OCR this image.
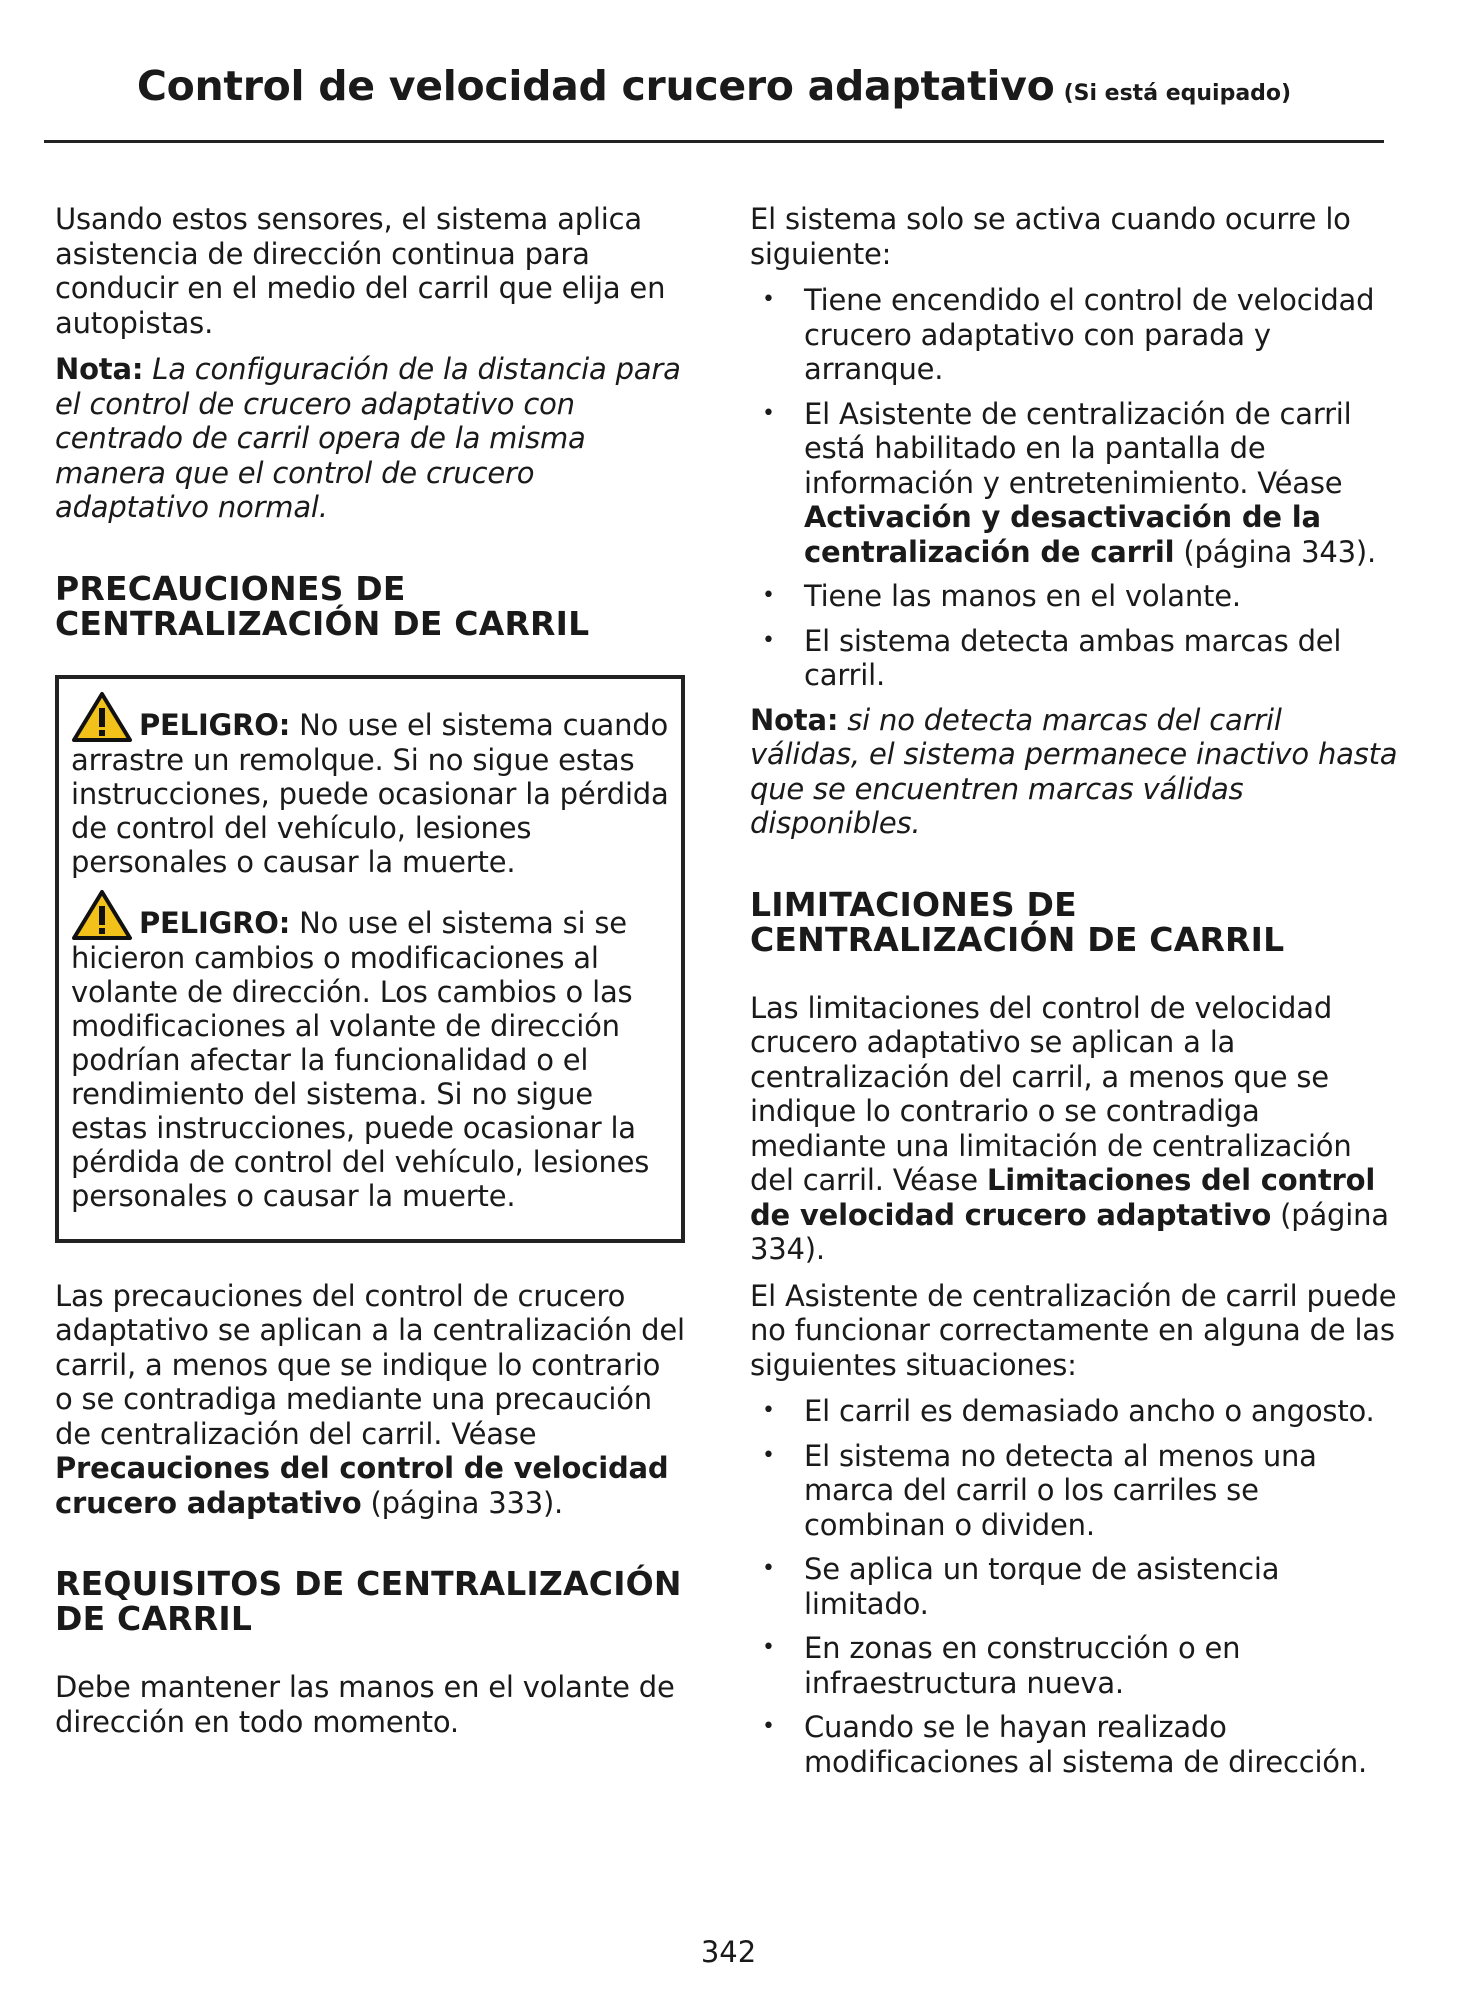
Control de velocidad crucero adaptativo (Si está equipado)

Usando estos sensores, el sistema aplica asistencia de dirección continua para conducir en el medio del carril que elija en autopistas.

Nota: La configuración de la distancia para el control de crucero adaptativo con centrado de carril opera de la misma manera que el control de crucero adaptativo normal.

PRECAUCIONES DE CENTRALIZACIÓN DE CARRIL

PELIGRO: No use el sistema cuando arrastre un remolque. Si no sigue estas instrucciones, puede ocasionar la pérdida de control del vehículo, lesiones personales o causar la muerte.

PELIGRO: No use el sistema si se hicieron cambios o modificaciones al volante de dirección. Los cambios o las modificaciones al volante de dirección podrían afectar la funcionalidad o el rendimiento del sistema. Si no sigue estas instrucciones, puede ocasionar la pérdida de control del vehículo, lesiones personales o causar la muerte.

Las precauciones del control de crucero adaptativo se aplican a la centralización del carril, a menos que se indique lo contrario o se contradiga mediante una precaución de centralización del carril. Véase Precauciones del control de velocidad crucero adaptativo (página 333).

REQUISITOS DE CENTRALIZACIÓN DE CARRIL

Debe mantener las manos en el volante de dirección en todo momento.

El sistema solo se activa cuando ocurre lo siguiente:

• Tiene encendido el control de velocidad crucero adaptativo con parada y arranque.
• El Asistente de centralización de carril está habilitado en la pantalla de información y entretenimiento. Véase Activación y desactivación de la centralización de carril (página 343).
• Tiene las manos en el volante.
• El sistema detecta ambas marcas del carril.

Nota: si no detecta marcas del carril válidas, el sistema permanece inactivo hasta que se encuentren marcas válidas disponibles.

LIMITACIONES DE CENTRALIZACIÓN DE CARRIL

Las limitaciones del control de velocidad crucero adaptativo se aplican a la centralización del carril, a menos que se indique lo contrario o se contradiga mediante una limitación de centralización del carril. Véase Limitaciones del control de velocidad crucero adaptativo (página 334).

El Asistente de centralización de carril puede no funcionar correctamente en alguna de las siguientes situaciones:

• El carril es demasiado ancho o angosto.
• El sistema no detecta al menos una marca del carril o los carriles se combinan o dividen.
• Se aplica un torque de asistencia limitado.
• En zonas en construcción o en infraestructura nueva.
• Cuando se le hayan realizado modificaciones al sistema de dirección.
342
